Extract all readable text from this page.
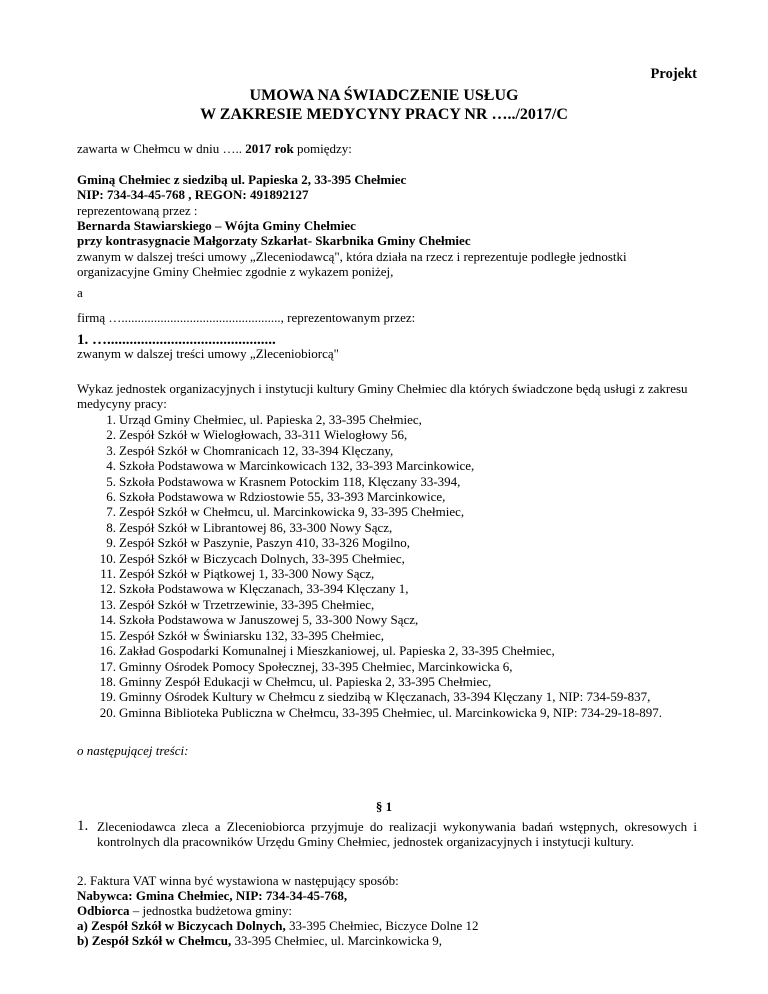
Projekt
UMOWA NA ŚWIADCZENIE USŁUG
W ZAKRESIE MEDYCYNY PRACY NR …../2017/C

zawarta w Chełmcu w dniu ….. 2017 rok pomiędzy:

Gminą Chełmiec z siedzibą ul. Papieska 2, 33-395 Chełmiec

NIP: 734-34-45-768 , REGON: 491892127

reprezentowaną przez :

Bernarda Stawiarskiego – Wójta Gminy Chełmiec

przy kontrasygnacie Małgorzaty Szkarłat- Skarbnika Gminy Chełmiec

zwanym w dalszej treści umowy „Zleceniodawcą", która działa na rzecz i reprezentuje podległe jednostki organizacyjne Gminy Chełmiec zgodnie z wykazem poniżej,

a

firmą …................................................., reprezentowanym przez:

1. ….............................................

zwanym w dalszej treści umowy „Zleceniobiorcą"

Wykaz jednostek organizacyjnych i instytucji kultury Gminy Chełmiec dla których świadczone będą usługi z zakresu medycyny pracy:

1. Urząd Gminy Chełmiec, ul. Papieska 2, 33-395 Chełmiec,
2. Zespół Szkół w Wielogłowach, 33-311 Wielogłowy 56,
3. Zespół Szkół w Chomranicach 12, 33-394 Klęczany,
4. Szkoła Podstawowa w Marcinkowicach 132, 33-393 Marcinkowice,
5. Szkoła Podstawowa w Krasnem Potockim 118, Klęczany 33-394,
6. Szkoła Podstawowa w Rdziostowie 55, 33-393 Marcinkowice,
7. Zespół Szkół w Chełmcu, ul. Marcinkowicka 9, 33-395 Chełmiec,
8. Zespół Szkół w Librantowej 86, 33-300 Nowy Sącz,
9. Zespół Szkół w Paszynie, Paszyn 410, 33-326 Mogilno,
10. Zespół Szkół w Biczycach Dolnych, 33-395 Chełmiec,
11. Zespół Szkół w Piątkowej 1, 33-300 Nowy Sącz,
12. Szkoła Podstawowa w Klęczanach, 33-394 Klęczany 1,
13. Zespół Szkół w Trzetrzewinie, 33-395 Chełmiec,
14. Szkoła Podstawowa w Januszowej 5, 33-300 Nowy Sącz,
15. Zespół Szkół w Świniarsku 132, 33-395 Chełmiec,
16. Zakład Gospodarki Komunalnej i Mieszkaniowej, ul. Papieska 2, 33-395 Chełmiec,
17. Gminny Ośrodek Pomocy Społecznej, 33-395 Chełmiec, Marcinkowicka 6,
18. Gminny Zespół Edukacji w Chełmcu, ul. Papieska 2, 33-395 Chełmiec,
19. Gminny Ośrodek Kultury w Chełmcu z siedzibą w Klęczanach, 33-394 Klęczany 1, NIP: 734-59-837,
20. Gminna Biblioteka Publiczna w Chełmcu, 33-395 Chełmiec, ul. Marcinkowicka 9, NIP: 734-29-18-897.

o następującej treści:

§ 1
1. Zleceniodawca zleca a Zleceniobiorca przyjmuje do realizacji wykonywania badań wstępnych, okresowych i kontrolnych dla pracowników Urzędu Gminy Chełmiec, jednostek organizacyjnych i instytucji kultury.

2. Faktura VAT winna być wystawiona w następujący sposób:

Nabywca: Gmina Chełmiec, NIP: 734-34-45-768,

Odbiorca – jednostka budżetowa gminy:

a) Zespół Szkół w Biczycach Dolnych, 33-395 Chełmiec, Biczyce Dolne 12

b) Zespół Szkół w Chełmcu, 33-395 Chełmiec, ul. Marcinkowicka 9,
